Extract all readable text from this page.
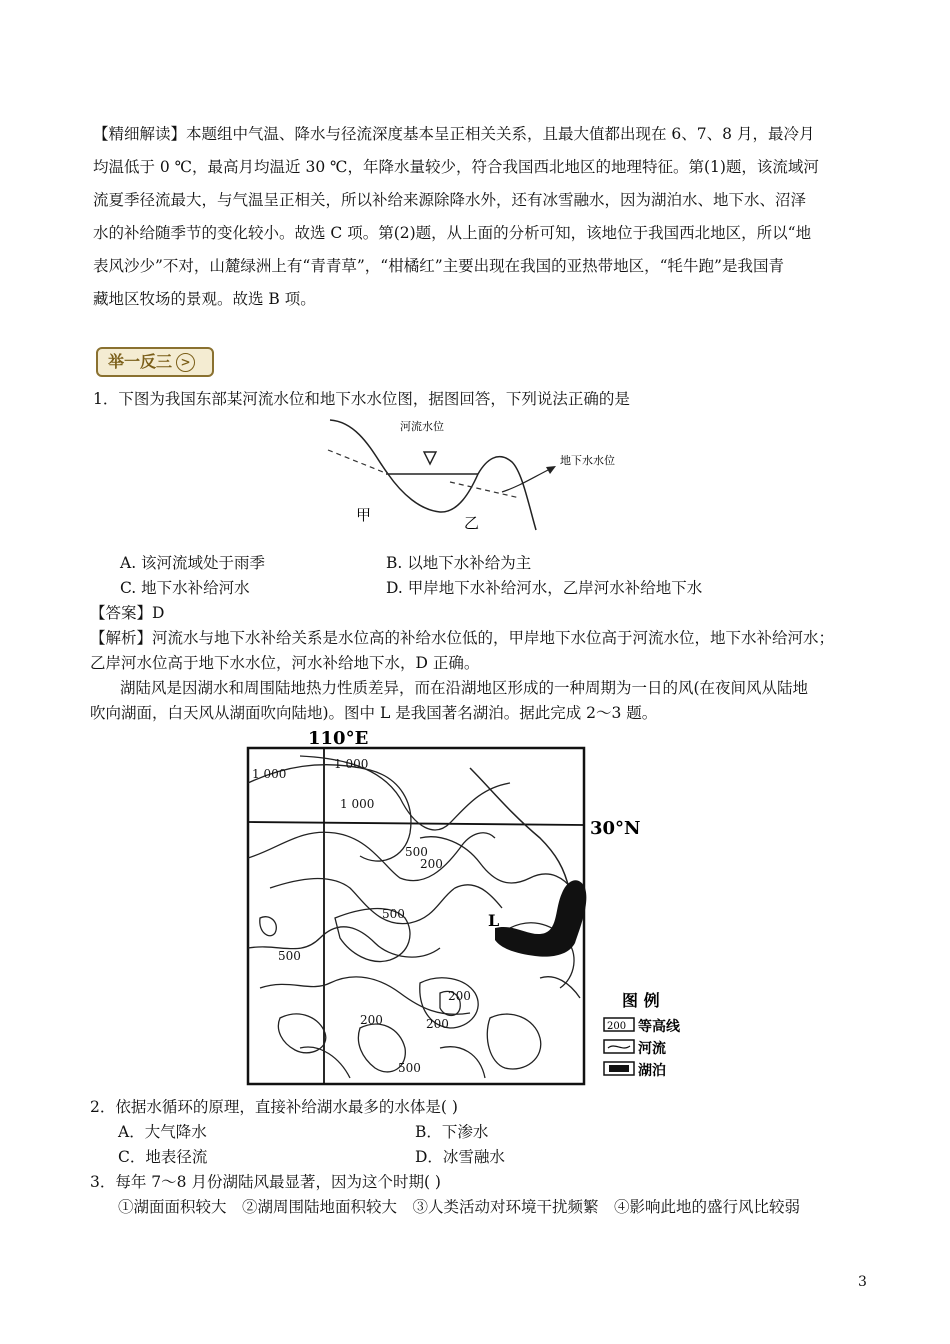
【精细解读】本题组中气温、降水与径流深度基本呈正相关关系，且最大值都出现在 6、7、8 月，最冷月
均温低于 0 ℃，最高月均温近 30 ℃，年降水量较少，符合我国西北地区的地理特征。第(1)题，该流域河
流夏季径流最大，与气温呈正相关，所以补给来源除降水外，还有冰雪融水，因为湖泊水、地下水、沼泽
水的补给随季节的变化较小。故选 C 项。第(2)题，从上面的分析可知，该地位于我国西北地区，所以“地
表风沙少”不对，山麓绿洲上有“青青草”，“柑橘红”主要出现在我国的亚热带地区，“牦牛跑”是我国青
藏地区牧场的景观。故选 B 项。
举一反三 >
1．下图为我国东部某河流水位和地下水水位图，据图回答，下列说法正确的是
河流水位
地下水水位
甲	乙
A. 该河流域处于雨季	B. 以地下水补给为主
C. 地下水补给河水	D. 甲岸地下水补给河水，乙岸河水补给地下水
【答案】D
【解析】河流水与地下水补给关系是水位高的补给水位低的，甲岸地下水位高于河流水位，地下水补给河水；
乙岸河水位高于地下水水位，河水补给地下水，D 正确。
湖陆风是因湖水和周围陆地热力性质差异，而在沿湖地区形成的一种周期为一日的风(在夜间风从陆地
吹向湖面，白天风从湖面吹向陆地)。图中 L 是我国著名湖泊。据此完成 2～3 题。
110°E
30°N
L
1 000
1 000
1 000
500
200
500
500
200
200
200
500
图 例
200 等高线
河流
湖泊
2．依据水循环的原理，直接补给湖水最多的水体是( )
A．大气降水	B．下渗水
C．地表径流	D．冰雪融水
3．每年 7～8 月份湖陆风最显著，因为这个时期( )
①湖面面积较大　②湖周围陆地面积较大　③人类活动对环境干扰频繁　④影响此地的盛行风比较弱
3
